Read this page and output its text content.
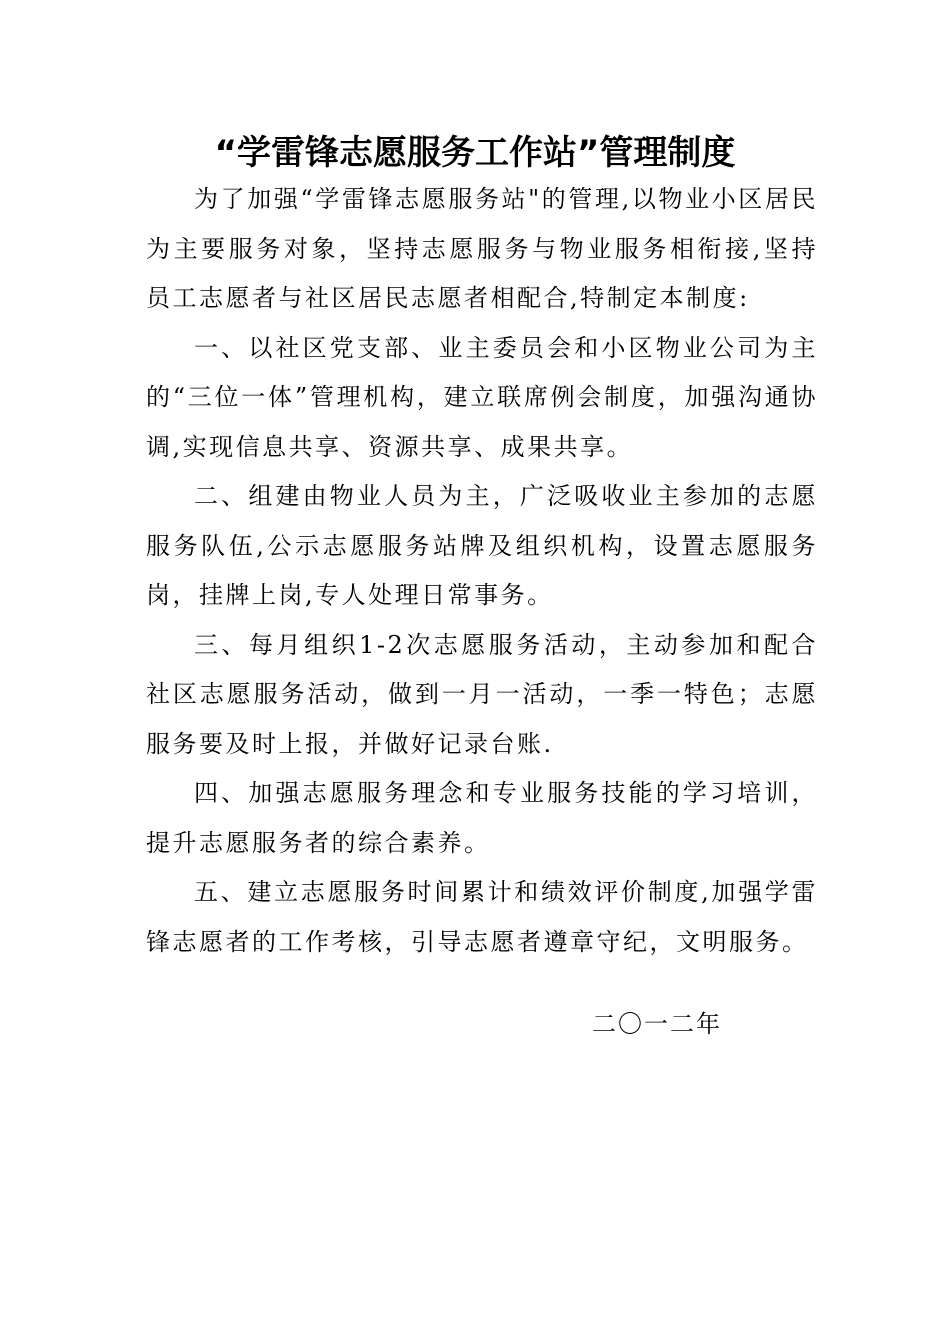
“学雷锋志愿服务工作站”管理制度

为了加强“学雷锋志愿服务站"的管理,以物业小区居民为主要服务对象，坚持志愿服务与物业服务相衔接,坚持员工志愿者与社区居民志愿者相配合,特制定本制度:

一、以社区党支部、业主委员会和小区物业公司为主的“三位一体”管理机构，建立联席例会制度，加强沟通协调,实现信息共享、资源共享、成果共享。

二、组建由物业人员为主，广泛吸收业主参加的志愿服务队伍,公示志愿服务站牌及组织机构，设置志愿服务岗，挂牌上岗,专人处理日常事务。

三、每月组织1-2次志愿服务活动，主动参加和配合社区志愿服务活动，做到一月一活动，一季一特色；志愿服务要及时上报，并做好记录台账.

四、加强志愿服务理念和专业服务技能的学习培训，提升志愿服务者的综合素养。

五、建立志愿服务时间累计和绩效评价制度,加强学雷锋志愿者的工作考核，引导志愿者遵章守纪，文明服务。

二〇一二年
